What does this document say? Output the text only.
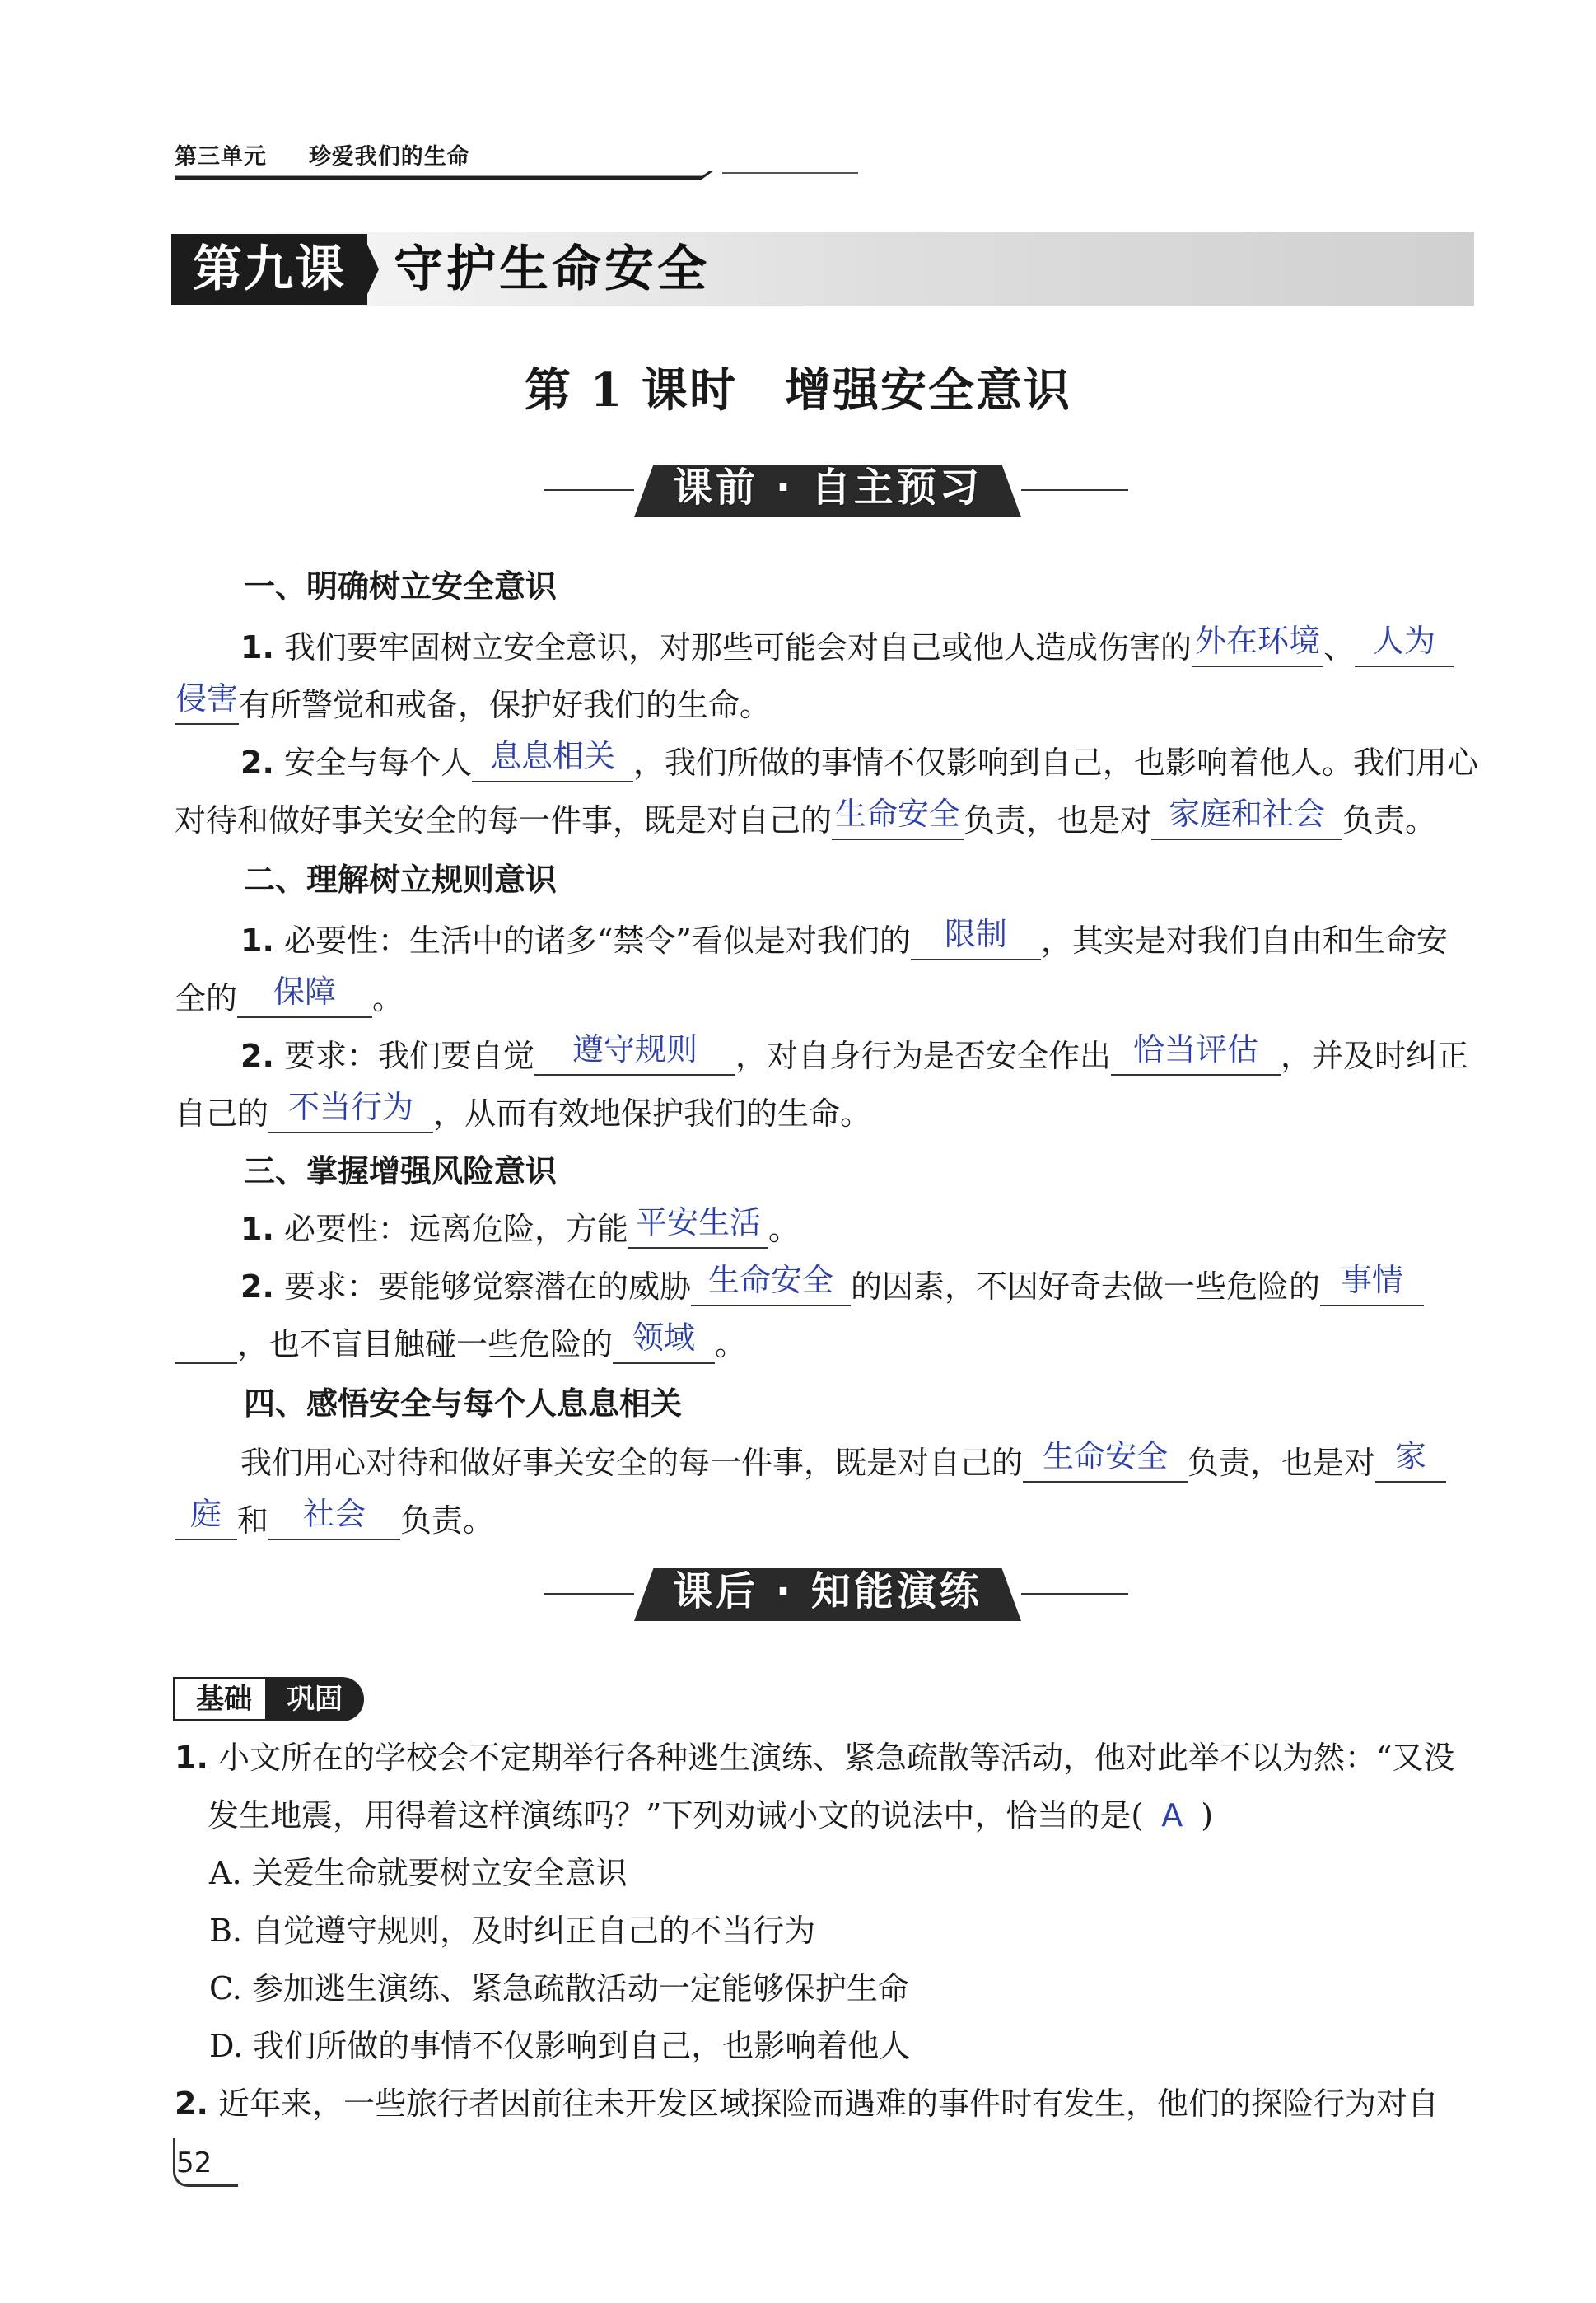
第三单元 珍爱我们的生命
第九课 守护生命安全
第 1 课时　增强安全意识
课前 · 自主预习
一、明确树立安全意识
1. 我们要牢固树立安全意识，对那些可能会对自己或他人造成伤害的 外在环境 、 人为
侵害 有所警觉和戒备，保护好我们的生命。
2. 安全与每个人 息息相关 ，我们所做的事情不仅影响到自己，也影响着他人。我们用心
对待和做好事关安全的每一件事，既是对自己的 生命安全 负责，也是对 家庭和社会 负责。
二、理解树立规则意识
1. 必要性：生活中的诸多“禁令”看似是对我们的	限制	，其实是对我们自由和生命安
全的	保障	。
2. 要求：我们要自觉	遵守规则	，对自身行为是否安全作出 恰当评估 ，并及时纠正
自己的 不当行为 ，从而有效地保护我们的生命。
三、掌握增强风险意识
1. 必要性：远离危险，方能 平安生活 。
2. 要求：要能够觉察潜在的威胁 生命安全 的因素，不因好奇去做一些危险的 事情
，也不盲目触碰一些危险的 领域 。
四、感悟安全与每个人息息相关
我们用心对待和做好事关安全的每一件事，既是对自己的 生命安全 负责，也是对 家
庭 和	社会	负责。
课后 · 知能演练
基础	巩固
1. 小文所在的学校会不定期举行各种逃生演练、紧急疏散等活动，他对此举不以为然：“又没
发生地震，用得着这样演练吗？”下列劝诫小文的说法中，恰当的是( A )
A. 关爱生命就要树立安全意识
B. 自觉遵守规则，及时纠正自己的不当行为
C. 参加逃生演练、紧急疏散活动一定能够保护生命
D. 我们所做的事情不仅影响到自己，也影响着他人
2. 近年来，一些旅行者因前往未开发区域探险而遇难的事件时有发生，他们的探险行为对自
52
